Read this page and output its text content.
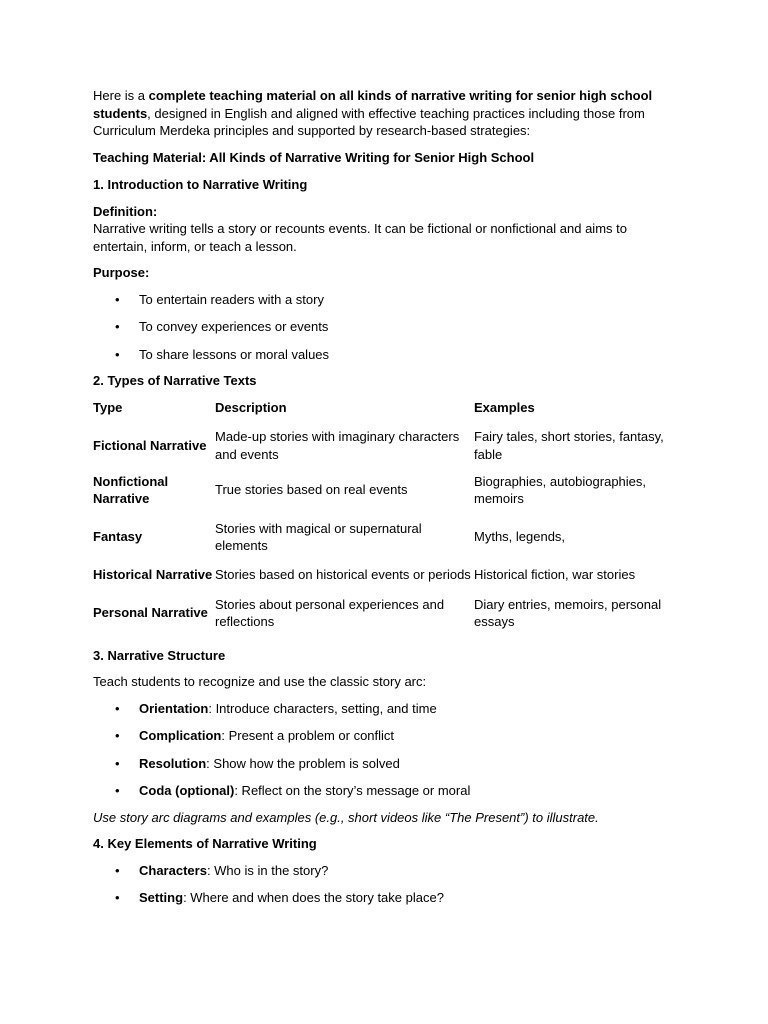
Here is a complete teaching material on all kinds of narrative writing for senior high school students, designed in English and aligned with effective teaching practices including those from Curriculum Merdeka principles and supported by research-based strategies:

Teaching Material: All Kinds of Narrative Writing for Senior High School

1. Introduction to Narrative Writing

Definition:

Narrative writing tells a story or recounts events. It can be fictional or nonfictional and aims to entertain, inform, or teach a lesson.

Purpose:

• To entertain readers with a story
• To convey experiences or events
• To share lessons or moral values

2. Types of Narrative Texts

Type	Description	Examples
Fictional Narrative	Made-up stories with imaginary characters and events	Fairy tales, short stories, fantasy, fable
Nonfictional Narrative	True stories based on real events	Biographies, autobiographies, memoirs
Fantasy	Stories with magical or supernatural elements	Myths, legends,
Historical Narrative	Stories based on historical events or periods	Historical fiction, war stories
Personal Narrative	Stories about personal experiences and reflections	Diary entries, memoirs, personal essays

3. Narrative Structure

Teach students to recognize and use the classic story arc:

• Orientation: Introduce characters, setting, and time
• Complication: Present a problem or conflict
• Resolution: Show how the problem is solved
• Coda (optional): Reflect on the story’s message or moral

Use story arc diagrams and examples (e.g., short videos like “The Present”) to illustrate.

4. Key Elements of Narrative Writing

• Characters: Who is in the story?
• Setting: Where and when does the story take place?
